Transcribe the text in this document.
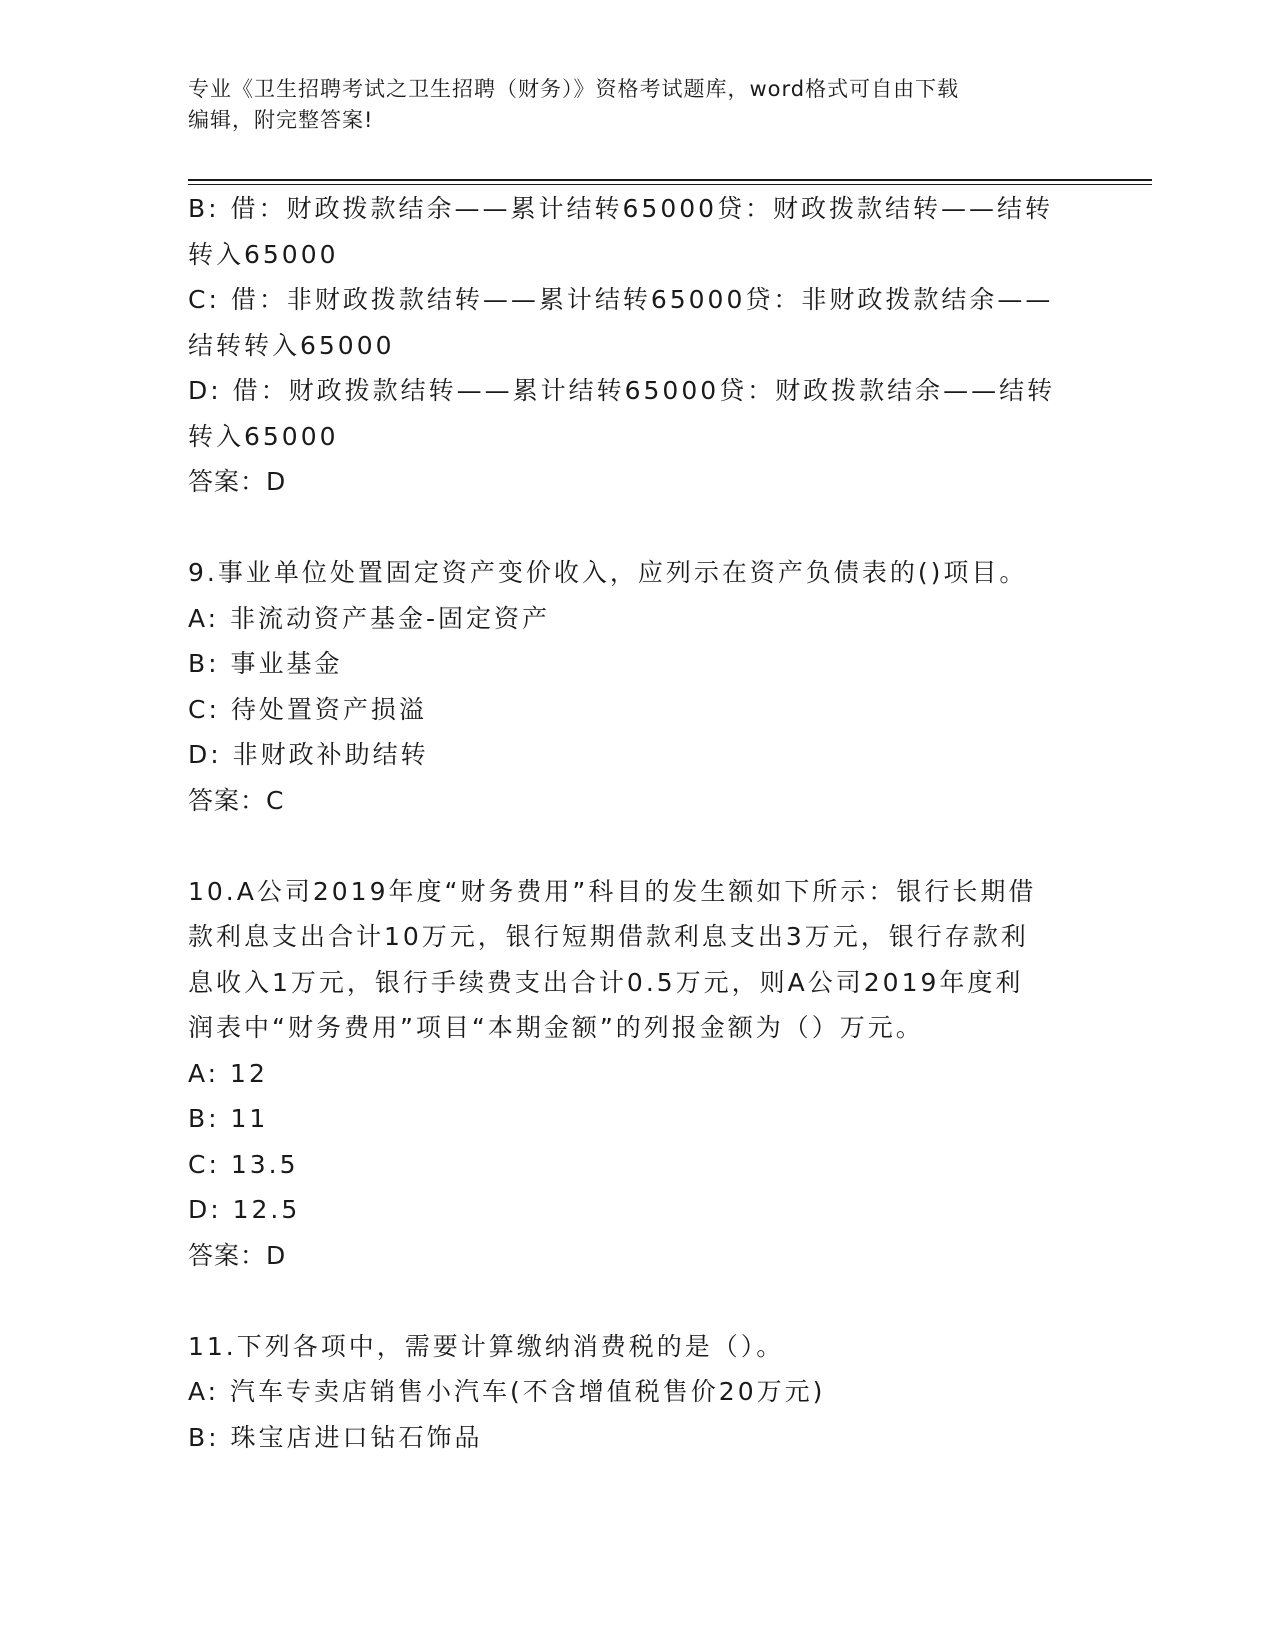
专业《卫生招聘考试之卫生招聘（财务）》资格考试题库，word格式可自由下载
编辑，附完整答案!

B: 借：财政拨款结余——累计结转65000贷：财政拨款结转——结转

转入65000

C: 借：非财政拨款结转——累计结转65000贷：非财政拨款结余——

结转转入65000

D: 借：财政拨款结转——累计结转65000贷：财政拨款结余——结转

转入65000

答案：D

9.事业单位处置固定资产变价收入，应列示在资产负债表的()项目。

A: 非流动资产基金-固定资产

B: 事业基金

C: 待处置资产损溢

D: 非财政补助结转

答案：C

10.A公司2019年度“财务费用”科目的发生额如下所示：银行长期借

款利息支出合计10万元，银行短期借款利息支出3万元，银行存款利

息收入1万元，银行手续费支出合计0.5万元，则A公司2019年度利

润表中“财务费用”项目“本期金额”的列报金额为（）万元。

A: 12

B: 11

C: 13.5

D: 12.5

答案：D

11.下列各项中，需要计算缴纳消费税的是（）。

A: 汽车专卖店销售小汽车(不含增值税售价20万元)

B: 珠宝店进口钻石饰品
